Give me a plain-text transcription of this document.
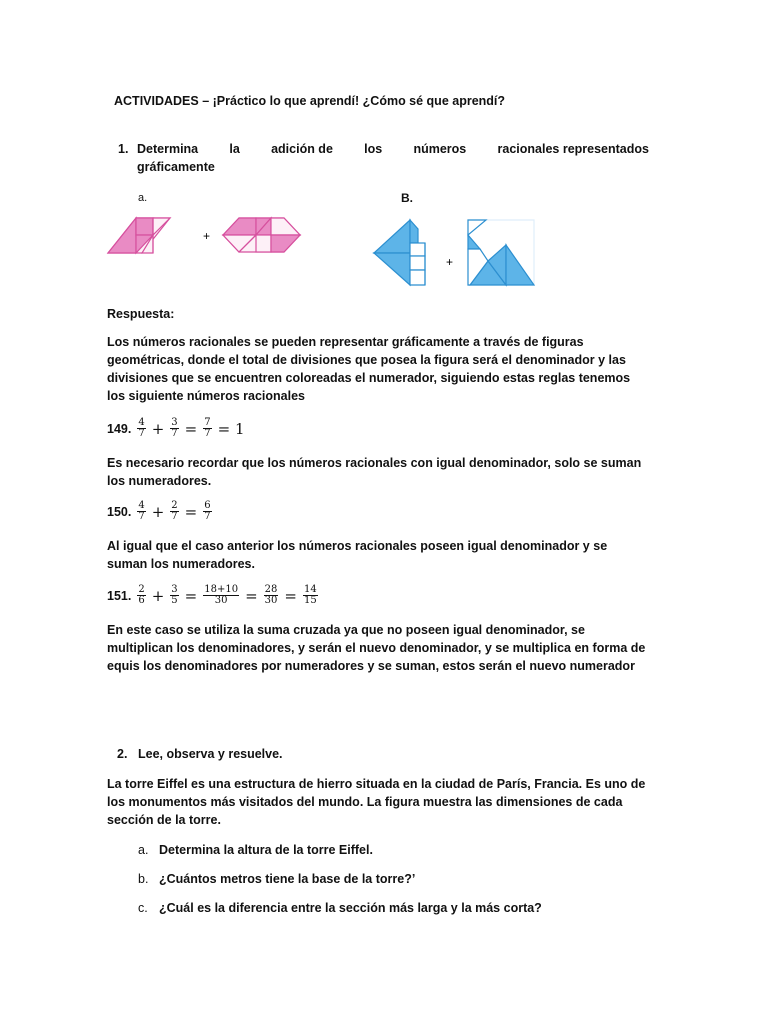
ACTIVIDADES – ¡Práctico lo que aprendí! ¿Cómo sé que aprendí?
1. Determina	la	adición de	los	números	racionales representados
gráficamente
a.	B.
+
+
Respuesta:
Los números racionales se pueden representar gráficamente a través de figuras geométricas, donde el total de divisiones que posea la figura será el denominador y las divisiones que se encuentren coloreadas el numerador, siguiendo estas reglas tenemos los siguiente números racionales
149. $\frac{4}{7} + \frac{3}{7} = \frac{7}{7} = 1$
Es necesario recordar que los números racionales con igual denominador, solo se suman los numeradores.
150. $\frac{4}{7} + \frac{2}{7} = \frac{6}{7}$
Al igual que el caso anterior los números racionales poseen igual denominador y se suman los numeradores.
151. $\frac{2}{6} + \frac{3}{5} = \frac{18+10}{30} = \frac{28}{30} = \frac{14}{15}$
En este caso se utiliza la suma cruzada ya que no poseen igual denominador, se multiplican los denominadores, y serán el nuevo denominador, y se multiplica en forma de equis los denominadores por numeradores y se suman, estos serán el nuevo numerador
2. Lee, observa y resuelve.
La torre Eiffel es una estructura de hierro situada en la ciudad de París, Francia. Es uno de los monumentos más visitados del mundo. La figura muestra las dimensiones de cada sección de la torre.
a. Determina la altura de la torre Eiffel.
b. ¿Cuántos metros tiene la base de la torre?’
c. ¿Cuál es la diferencia entre la sección más larga y la más corta?
